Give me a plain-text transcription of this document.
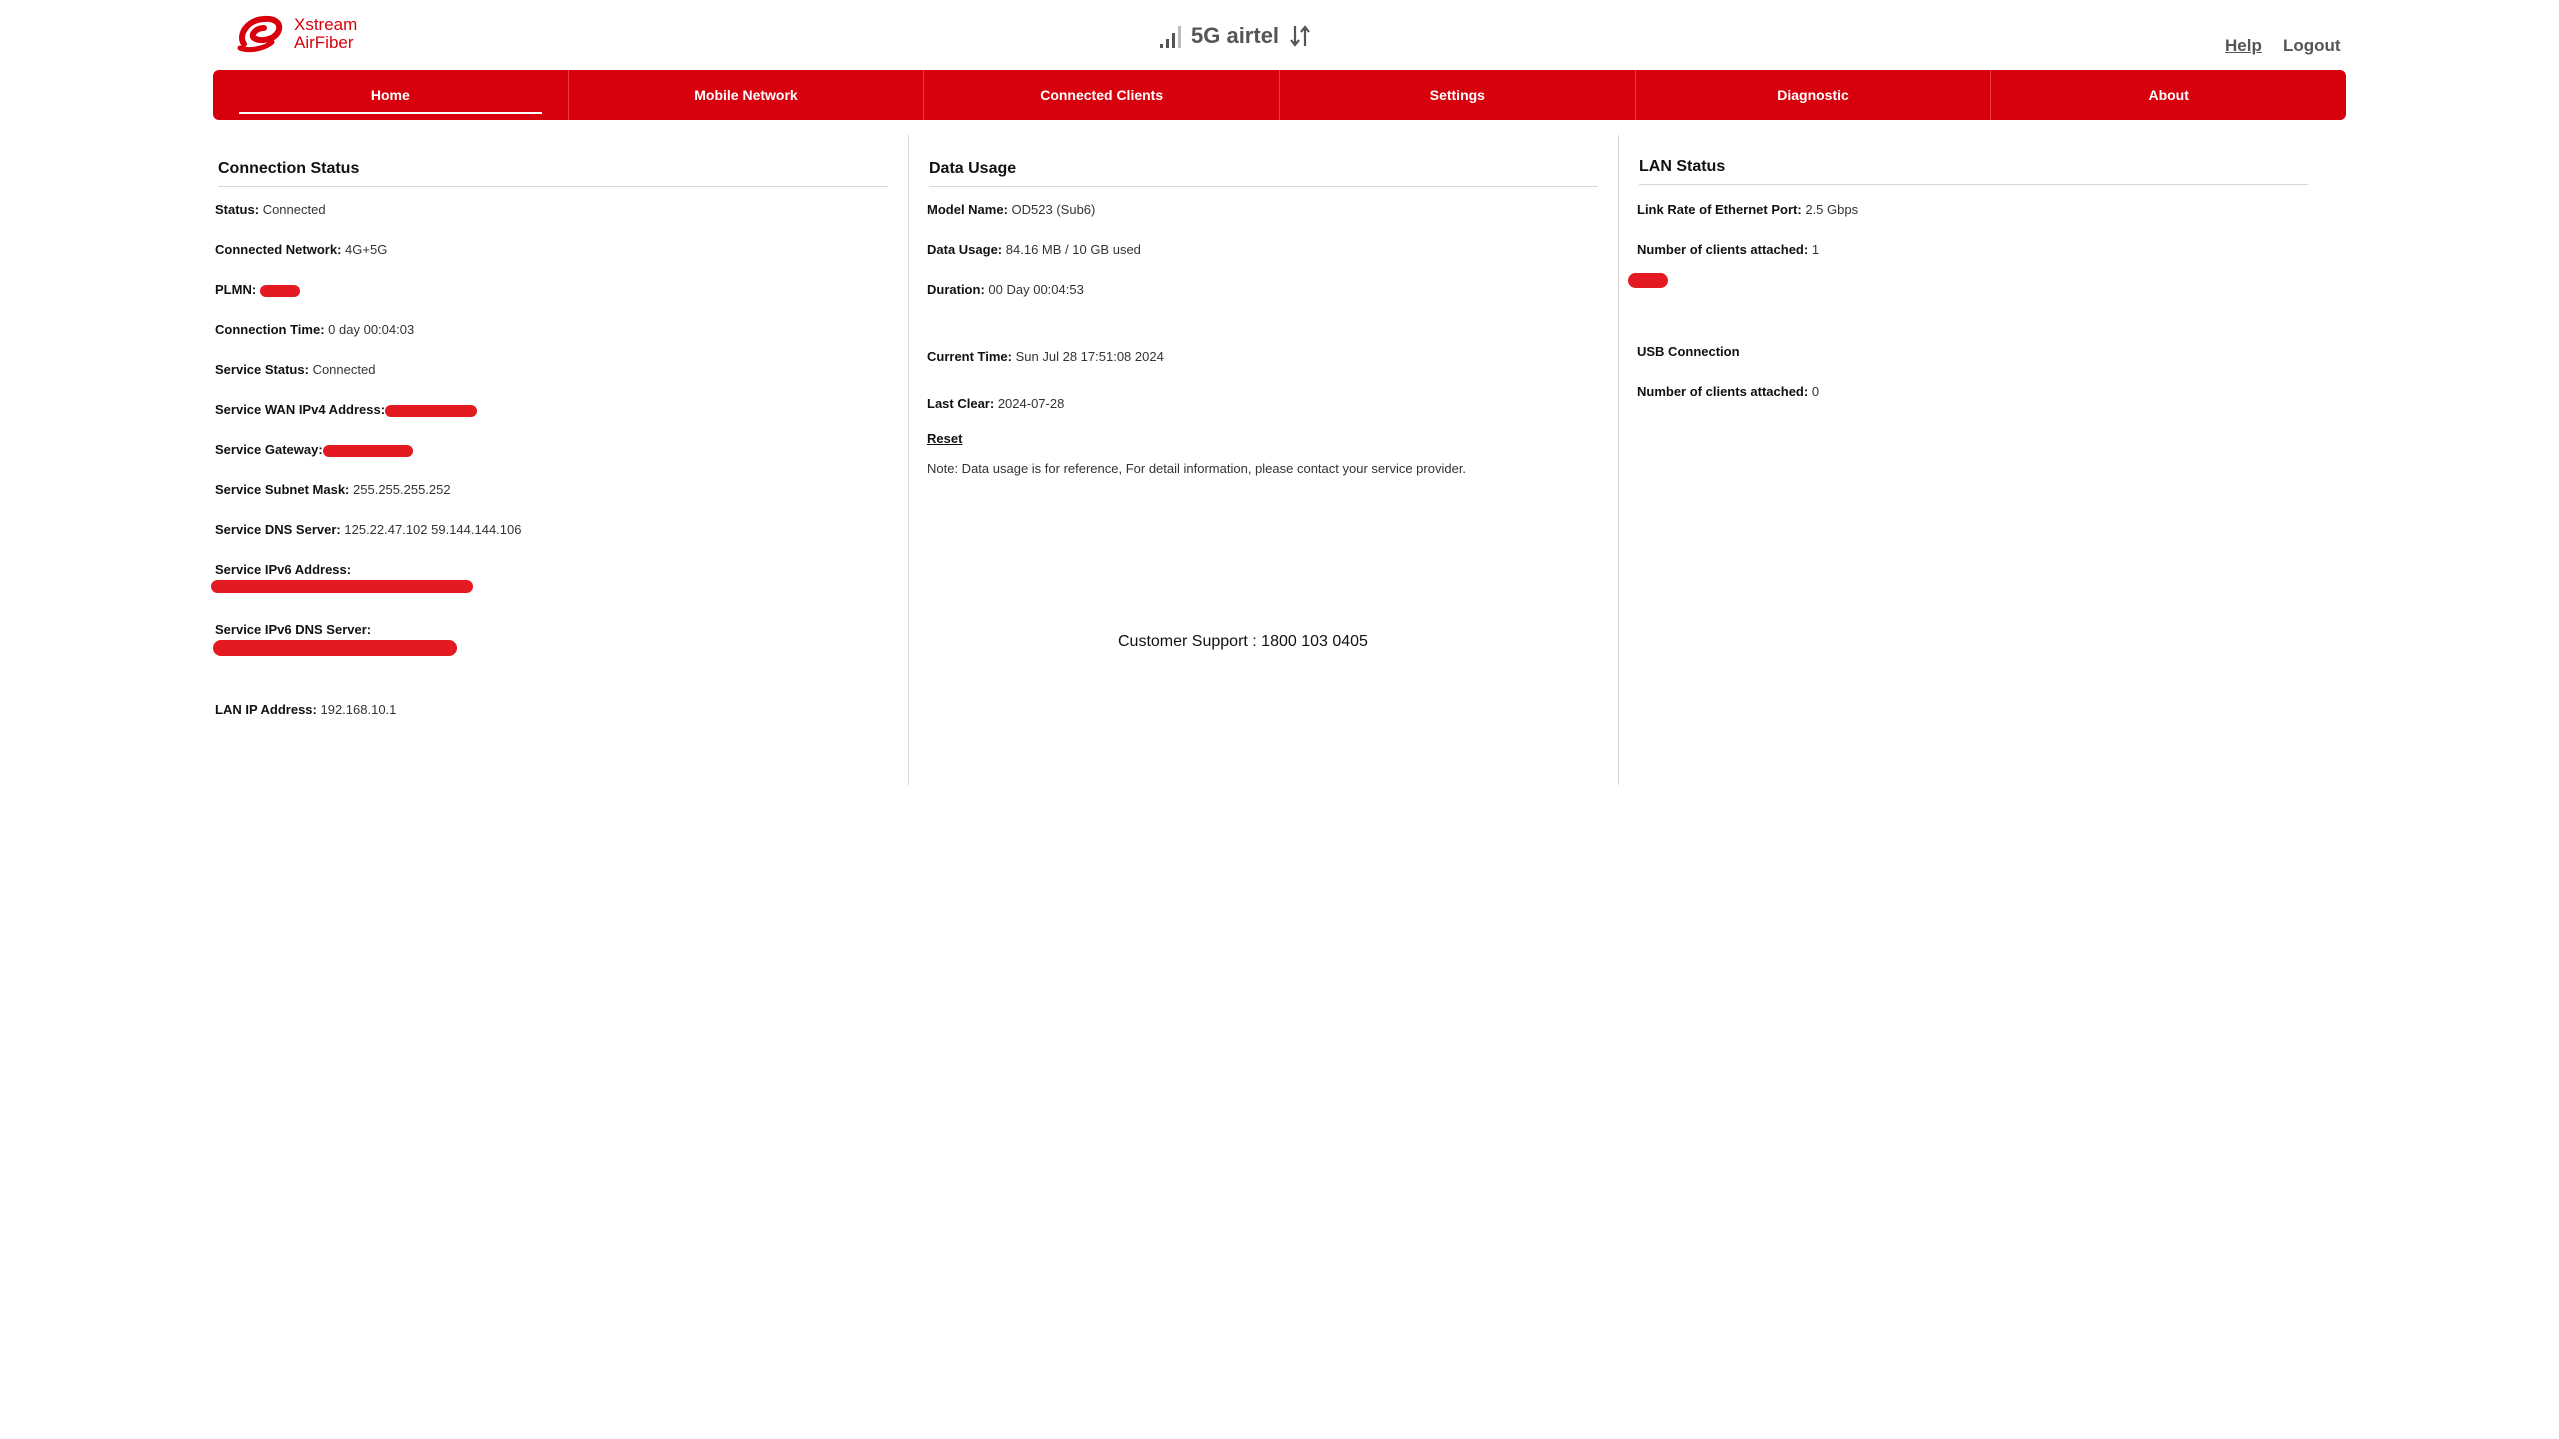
Xstream
AirFiber	5G airtel	Help Logout
Home	Mobile Network	Connected Clients	Settings	Diagnostic	About
Connection Status
Status: Connected
Connected Network: 4G+5G
PLMN:
Connection Time: 0 day 00:04:03
Service Status: Connected
Service WAN IPv4 Address:
Service Gateway:
Service Subnet Mask: 255.255.255.252
Service DNS Server: 125.22.47.102 59.144.144.106
Service IPv6 Address:
Service IPv6 DNS Server:
LAN IP Address: 192.168.10.1
Data Usage
Model Name: OD523 (Sub6)
Data Usage: 84.16 MB / 10 GB used
Duration: 00 Day 00:04:53
Current Time: Sun Jul 28 17:51:08 2024
Last Clear: 2024-07-28
Reset
Note: Data usage is for reference, For detail information, please contact your service provider.
LAN Status
Link Rate of Ethernet Port: 2.5 Gbps
Number of clients attached: 1
USB Connection
Number of clients attached: 0
Customer Support : 1800 103 0405
